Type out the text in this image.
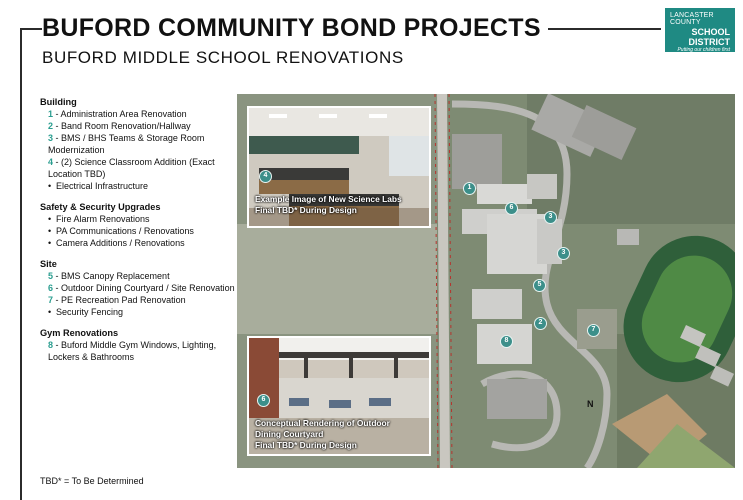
BUFORD COMMUNITY BOND PROJECTS
BUFORD MIDDLE SCHOOL RENOVATIONS
LANCASTER
COUNTY
SCHOOL
DISTRICT
Putting our children first
Building
1 - Administration Area Renovation
2 - Band Room Renovation/Hallway
3 - BMS / BHS Teams & Storage Room Modernization
4 - (2) Science Classroom Addition (Exact Location TBD)
• Electrical Infrastructure
Safety & Security Upgrades
• Fire Alarm Renovations
• PA Communications / Renovations
• Camera Additions / Renovations
Site
5 - BMS Canopy Replacement
6 - Outdoor Dining Courtyard / Site Renovation
7 - PE Recreation Pad Renovation
• Security Fencing
Gym Renovations
8 - Buford Middle Gym Windows, Lighting, Lockers & Bathrooms
TBD* = To Be Determined
1
6
3
3
5
2
8
7
N
4
Example Image of New Science Labs
Final TBD* During Design
6
Conceptual Rendering of Outdoor
Dining Courtyard
Final TBD* During Design
